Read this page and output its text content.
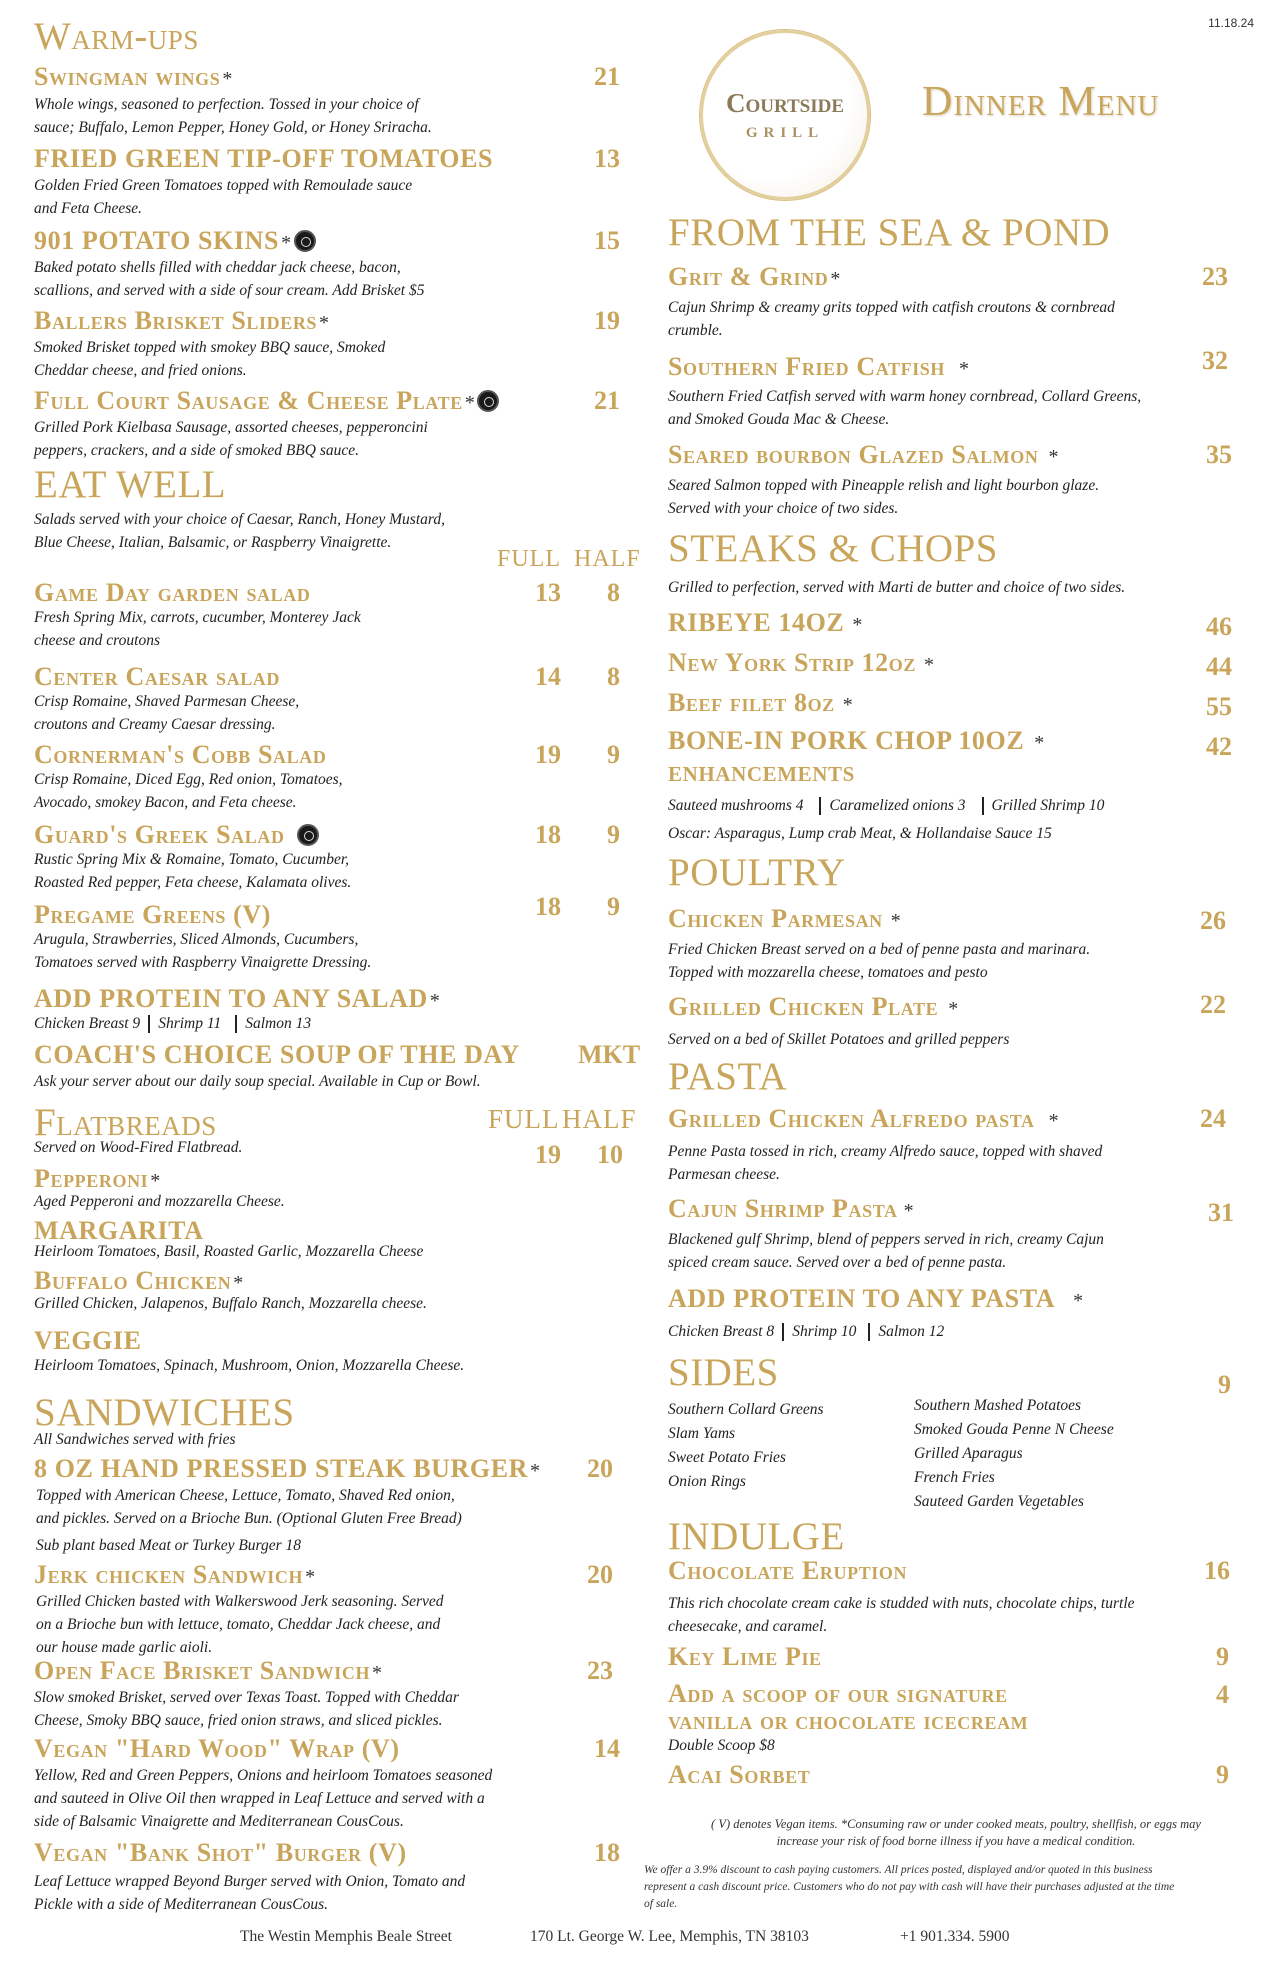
11.18.24
Courtside
GRILL
Dinner Menu
Warm-ups
Swingman wings *	21
Whole wings, seasoned to perfection. Tossed in your choice of
sauce; Buffalo, Lemon Pepper, Honey Gold, or Honey Sriracha.
FRIED GREEN TIP-OFF TOMATOES	13
Golden Fried Green Tomatoes topped with Remoulade sauce
and Feta Cheese.
901 POTATO SKINS *	15
Baked potato shells filled with cheddar jack cheese, bacon,
scallions, and served with a side of sour cream. Add Brisket $5
Ballers Brisket Sliders *	19
Smoked Brisket topped with smokey BBQ sauce, Smoked
Cheddar cheese, and fried onions.
Full Court Sausage & Cheese Plate *	21
Grilled Pork Kielbasa Sausage, assorted cheeses, pepperoncini
peppers, crackers, and a side of smoked BBQ sauce.
EAT WELL
Salads served with your choice of Caesar, Ranch, Honey Mustard,
Blue Cheese, Italian, Balsamic, or Raspberry Vinaigrette.
FULL HALF
Game Day garden salad	13 8
Fresh Spring Mix, carrots, cucumber, Monterey Jack
cheese and croutons
Center Caesar salad	14 8
Crisp Romaine, Shaved Parmesan Cheese,
croutons and Creamy Caesar dressing.
Cornerman's Cobb Salad	19 9
Crisp Romaine, Diced Egg, Red onion, Tomatoes,
Avocado, smokey Bacon, and Feta cheese.
Guard's Greek Salad	18 9
Rustic Spring Mix & Romaine, Tomato, Cucumber,
Roasted Red pepper, Feta cheese, Kalamata olives.
Pregame Greens (V)	18 9
Arugula, Strawberries, Sliced Almonds, Cucumbers,
Tomatoes served with Raspberry Vinaigrette Dressing.
ADD PROTEIN TO ANY SALAD *
Chicken Breast 9 Shrimp 11 Salmon 13
COACH'S CHOICE SOUP OF THE DAY MKT
Ask your server about our daily soup special. Available in Cup or Bowl.
Flatbreads	FULL HALF
19 10
Served on Wood-Fired Flatbread.
Pepperoni *
Aged Pepperoni and mozzarella Cheese.
MARGARITA
Heirloom Tomatoes, Basil, Roasted Garlic, Mozzarella Cheese
Buffalo Chicken *
Grilled Chicken, Jalapenos, Buffalo Ranch, Mozzarella cheese.
VEGGIE
Heirloom Tomatoes, Spinach, Mushroom, Onion, Mozzarella Cheese.
SANDWICHES
All Sandwiches served with fries
8 OZ HAND PRESSED STEAK BURGER * 20
Topped with American Cheese, Lettuce, Tomato, Shaved Red onion,
and pickles. Served on a Brioche Bun. (Optional Gluten Free Bread)
Sub plant based Meat or Turkey Burger 18
Jerk chicken Sandwich *	20
Grilled Chicken basted with Walkerswood Jerk seasoning. Served
on a Brioche bun with lettuce, tomato, Cheddar Jack cheese, and
our house made garlic aioli.
Open Face Brisket Sandwich *	23
Slow smoked Brisket, served over Texas Toast. Topped with Cheddar
Cheese, Smoky BBQ sauce, fried onion straws, and sliced pickles.
Vegan "Hard Wood" Wrap (V)	14
Yellow, Red and Green Peppers, Onions and heirloom Tomatoes seasoned
and sauteed in Olive Oil then wrapped in Leaf Lettuce and served with a
side of Balsamic Vinaigrette and Mediterranean CousCous.
Vegan "Bank Shot" Burger (V)	18
Leaf Lettuce wrapped Beyond Burger served with Onion, Tomato and
Pickle with a side of Mediterranean CousCous.
FROM THE SEA & POND
Grit & Grind *	23
Cajun Shrimp & creamy grits topped with catfish croutons & cornbread
crumble.
Southern Fried Catfish *	32
Southern Fried Catfish served with warm honey cornbread, Collard Greens,
and Smoked Gouda Mac & Cheese.
Seared bourbon Glazed Salmon *	35
Seared Salmon topped with Pineapple relish and light bourbon glaze.
Served with your choice of two sides.
STEAKS & CHOPS
Grilled to perfection, served with Marti de butter and choice of two sides.
RIBEYE 14OZ *	46
New York Strip 12oz *	44
Beef filet 8oz *	55
BONE-IN PORK CHOP 10OZ *	42
ENHANCEMENTS
Sauteed mushrooms 4 Caramelized onions 3 Grilled Shrimp 10
Oscar: Asparagus, Lump crab Meat, & Hollandaise Sauce 15
POULTRY
Chicken Parmesan *	26
Fried Chicken Breast served on a bed of penne pasta and marinara.
Topped with mozzarella cheese, tomatoes and pesto
Grilled Chicken Plate *	22
Served on a bed of Skillet Potatoes and grilled peppers
PASTA
Grilled Chicken Alfredo pasta *	24
Penne Pasta tossed in rich, creamy Alfredo sauce, topped with shaved
Parmesan cheese.
Cajun Shrimp Pasta *	31
Blackened gulf Shrimp, blend of peppers served in rich, creamy Cajun
spiced cream sauce. Served over a bed of penne pasta.
ADD PROTEIN TO ANY PASTA *
Chicken Breast 8 Shrimp 10 Salmon 12
SIDES	9
Southern Collard Greens
Slam Yams
Sweet Potato Fries
Onion Rings
Southern Mashed Potatoes
Smoked Gouda Penne N Cheese
Grilled Aparagus
French Fries
Sauteed Garden Vegetables
INDULGE
Chocolate Eruption	16
This rich chocolate cream cake is studded with nuts, chocolate chips, turtle
cheesecake, and caramel.
Key Lime Pie	9
Add a scoop of our signature
vanilla or chocolate icecream
4
Double Scoop $8
Acai Sorbet	9
( V) denotes Vegan items. *Consuming raw or under cooked meats, poultry, shellfish, or eggs may
increase your risk of food borne illness if you have a medical condition.
We offer a 3.9% discount to cash paying customers. All prices posted, displayed and/or quoted in this business
represent a cash discount price. Customers who do not pay with cash will have their purchases adjusted at the time
of sale.
The Westin Memphis Beale Street	170 Lt. George W. Lee, Memphis, TN 38103	+1 901.334. 5900
